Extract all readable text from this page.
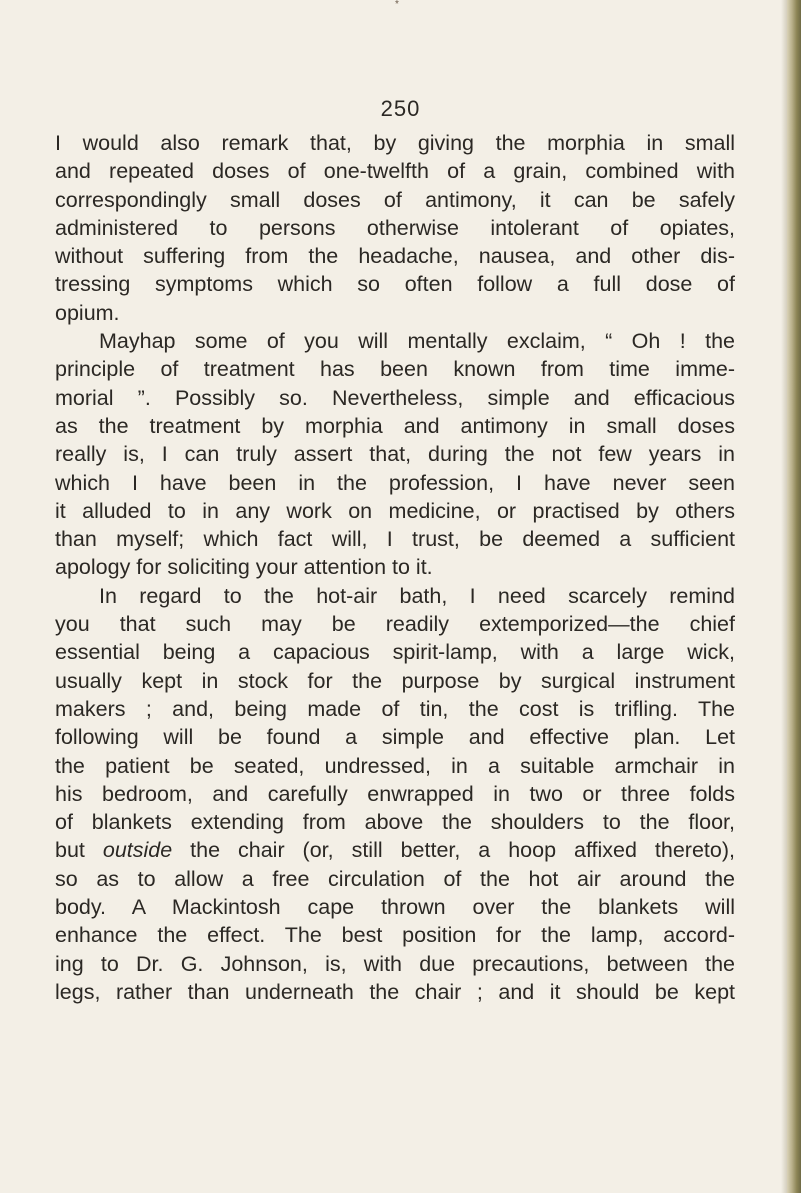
*
250
I would also remark that, by giving the morphia in small
and repeated doses of one-twelfth of a grain, combined with
correspondingly small doses of antimony, it can be safely
administered to persons otherwise intolerant of opiates,
without suffering from the headache, nausea, and other dis-
tressing symptoms which so often follow a full dose of
opium.
Mayhap some of you will mentally exclaim, “ Oh ! the
principle of treatment has been known from time imme-
morial ”. Possibly so. Nevertheless, simple and efficacious
as the treatment by morphia and antimony in small doses
really is, I can truly assert that, during the not few years in
which I have been in the profession, I have never seen
it alluded to in any work on medicine, or practised by others
than myself; which fact will, I trust, be deemed a sufficient
apology for soliciting your attention to it.
In regard to the hot-air bath, I need scarcely remind
you that such may be readily extemporized—the chief
essential being a capacious spirit-lamp, with a large wick,
usually kept in stock for the purpose by surgical instrument
makers ; and, being made of tin, the cost is trifling. The
following will be found a simple and effective plan. Let
the patient be seated, undressed, in a suitable armchair in
his bedroom, and carefully enwrapped in two or three folds
of blankets extending from above the shoulders to the floor,
but outside the chair (or, still better, a hoop affixed thereto),
so as to allow a free circulation of the hot air around the
body. A Mackintosh cape thrown over the blankets will
enhance the effect. The best position for the lamp, accord-
ing to Dr. G. Johnson, is, with due precautions, between the
legs, rather than underneath the chair ; and it should be kept
